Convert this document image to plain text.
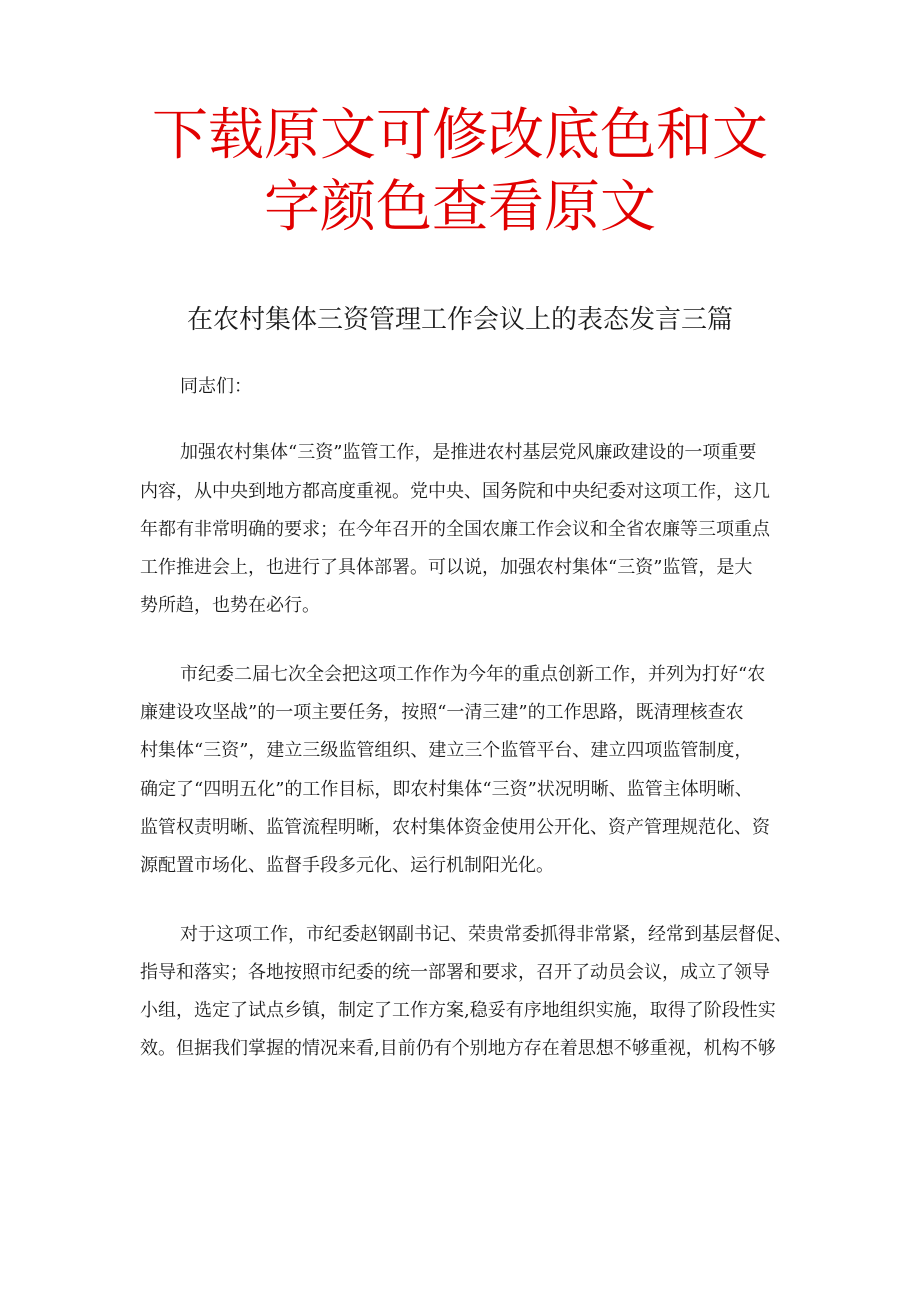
下载原文可修改底色和文
字颜色查看原文
在农村集体三资管理工作会议上的表态发言三篇

同志们：

加强农村集体“三资”监管工作，是推进农村基层党风廉政建设的一项重要
内容，从中央到地方都高度重视。党中央、国务院和中央纪委对这项工作，这几
年都有非常明确的要求；在今年召开的全国农廉工作会议和全省农廉等三项重点
工作推进会上，也进行了具体部署。可以说，加强农村集体“三资”监管，是大
势所趋，也势在必行。

市纪委二届七次全会把这项工作作为今年的重点创新工作，并列为打好“农
廉建设攻坚战”的一项主要任务，按照“一清三建”的工作思路，既清理核查农
村集体“三资”，建立三级监管组织、建立三个监管平台、建立四项监管制度，
确定了“四明五化”的工作目标，即农村集体“三资”状况明晰、监管主体明晰、
监管权责明晰、监管流程明晰，农村集体资金使用公开化、资产管理规范化、资
源配置市场化、监督手段多元化、运行机制阳光化。

对于这项工作，市纪委赵钢副书记、荣贵常委抓得非常紧，经常到基层督促、
指导和落实；各地按照市纪委的统一部署和要求，召开了动员会议，成立了领导
小组，选定了试点乡镇，制定了工作方案,稳妥有序地组织实施，取得了阶段性实
效。但据我们掌握的情况来看,目前仍有个别地方存在着思想不够重视，机构不够
